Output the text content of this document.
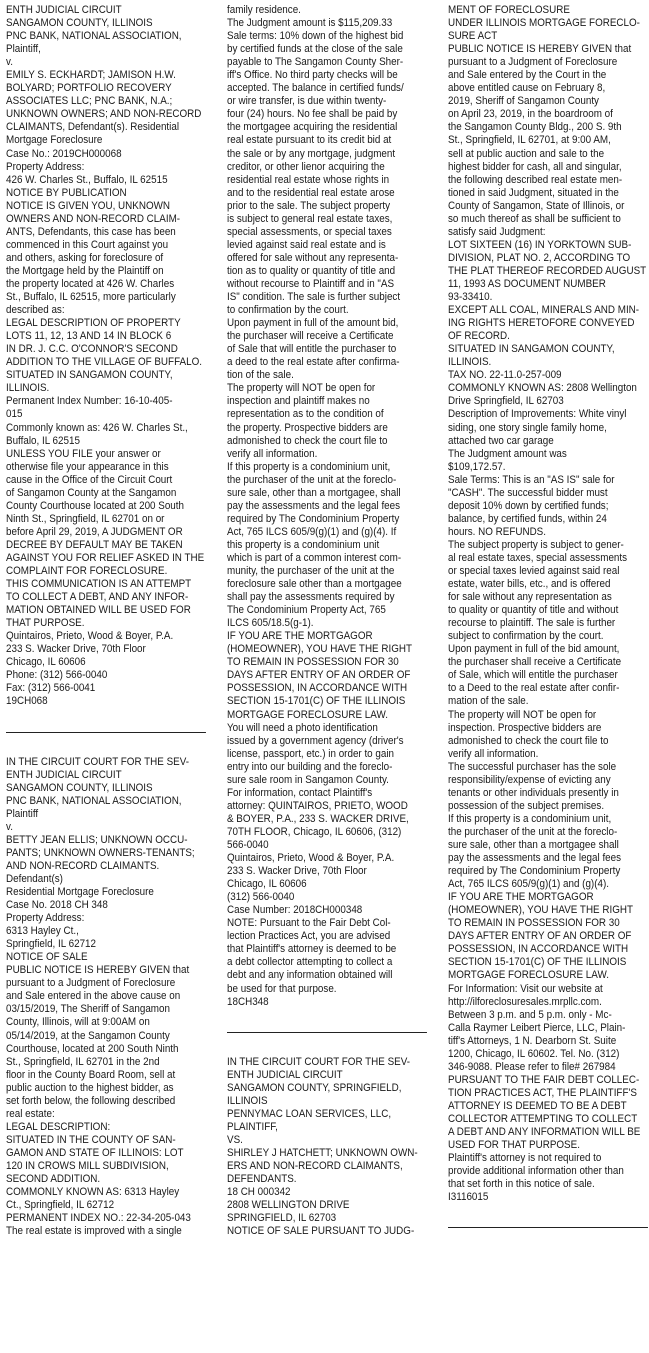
ENTH JUDICIAL CIRCUIT
SANGAMON COUNTY, ILLINOIS
PNC BANK, NATIONAL ASSOCIATION,
Plaintiff,
v.
EMILY S. ECKHARDT; JAMISON H.W.
BOLYARD; PORTFOLIO RECOVERY
ASSOCIATES LLC; PNC BANK, N.A.;
UNKNOWN OWNERS; AND NON-RECORD
CLAIMANTS, Defendant(s). Residential
Mortgage Foreclosure
Case No.: 2019CH000068
Property Address:
426 W. Charles St., Buffalo, IL 62515
NOTICE BY PUBLICATION
NOTICE IS GIVEN YOU, UNKNOWN
OWNERS AND NON-RECORD CLAIM-
ANTS, Defendants, this case has been
commenced in this Court against you
and others, asking for foreclosure of
the Mortgage held by the Plaintiff on
the property located at 426 W. Charles
St., Buffalo, IL 62515, more particularly
described as:
LEGAL DESCRIPTION OF PROPERTY
LOTS 11, 12, 13 AND 14 IN BLOCK 6
IN DR. J. C.C. O'CONNOR'S SECOND
ADDITION TO THE VILLAGE OF BUFFALO.
SITUATED IN SANGAMON COUNTY,
ILLINOIS.
Permanent Index Number: 16-10-405-
015
Commonly known as: 426 W. Charles St.,
Buffalo, IL 62515
UNLESS YOU FILE your answer or
otherwise file your appearance in this
cause in the Office of the Circuit Court
of Sangamon County at the Sangamon
County Courthouse located at 200 South
Ninth St., Springfield, IL 62701 on or
before April 29, 2019, A JUDGMENT OR
DECREE BY DEFAULT MAY BE TAKEN
AGAINST YOU FOR RELIEF ASKED IN THE
COMPLAINT FOR FORECLOSURE.
THIS COMMUNICATION IS AN ATTEMPT
TO COLLECT A DEBT, AND ANY INFOR-
MATION OBTAINED WILL BE USED FOR
THAT PURPOSE.
Quintairos, Prieto, Wood & Boyer, P.A.
233 S. Wacker Drive, 70th Floor
Chicago, IL 60606
Phone: (312) 566-0040
Fax: (312) 566-0041
19CH068
IN THE CIRCUIT COURT FOR THE SEV-
ENTH JUDICIAL CIRCUIT
SANGAMON COUNTY, ILLINOIS
PNC BANK, NATIONAL ASSOCIATION,
Plaintiff
v.
BETTY JEAN ELLIS; UNKNOWN OCCU-
PANTS; UNKNOWN OWNERS-TENANTS;
AND NON-RECORD CLAIMANTS.
Defendant(s)
Residential Mortgage Foreclosure
Case No. 2018 CH 348
Property Address:
6313 Hayley Ct.,
Springfield, IL 62712
NOTICE OF SALE
PUBLIC NOTICE IS HEREBY GIVEN that
pursuant to a Judgment of Foreclosure
and Sale entered in the above cause on
03/15/2019, The Sheriff of Sangamon
County, Illinois, will at 9:00AM on
05/14/2019, at the Sangamon County
Courthouse, located at 200 South Ninth
St., Springfield, IL 62701 in the 2nd
floor in the County Board Room, sell at
public auction to the highest bidder, as
set forth below, the following described
real estate:
LEGAL DESCRIPTION:
SITUATED IN THE COUNTY OF SAN-
GAMON AND STATE OF ILLINOIS: LOT
120 IN CROWS MILL SUBDIVISION,
SECOND ADDITION.
COMMONLY KNOWN AS: 6313 Hayley
Ct., Springfield, IL 62712
PERMANENT INDEX NO.: 22-34-205-043
The real estate is improved with a single
family residence.
The Judgment amount is $115,209.33
Sale terms: 10% down of the highest bid
by certified funds at the close of the sale
payable to The Sangamon County Sher-
iff's Office. No third party checks will be
accepted. The balance in certified funds/
or wire transfer, is due within twenty-
four (24) hours. No fee shall be paid by
the mortgagee acquiring the residential
real estate pursuant to its credit bid at
the sale or by any mortgage, judgment
creditor, or other lienor acquiring the
residential real estate whose rights in
and to the residential real estate arose
prior to the sale. The subject property
is subject to general real estate taxes,
special assessments, or special taxes
levied against said real estate and is
offered for sale without any representa-
tion as to quality or quantity of title and
without recourse to Plaintiff and in "AS
IS" condition. The sale is further subject
to confirmation by the court.
Upon payment in full of the amount bid,
the purchaser will receive a Certificate
of Sale that will entitle the purchaser to
a deed to the real estate after confirma-
tion of the sale.
The property will NOT be open for
inspection and plaintiff makes no
representation as to the condition of
the property. Prospective bidders are
admonished to check the court file to
verify all information.
If this property is a condominium unit,
the purchaser of the unit at the foreclo-
sure sale, other than a mortgagee, shall
pay the assessments and the legal fees
required by The Condominium Property
Act, 765 ILCS 605/9(g)(1) and (g)(4). If
this property is a condominium unit
which is part of a common interest com-
munity, the purchaser of the unit at the
foreclosure sale other than a mortgagee
shall pay the assessments required by
The Condominium Property Act, 765
ILCS 605/18.5(g-1).
IF YOU ARE THE MORTGAGOR
(HOMEOWNER), YOU HAVE THE RIGHT
TO REMAIN IN POSSESSION FOR 30
DAYS AFTER ENTRY OF AN ORDER OF
POSSESSION, IN ACCORDANCE WITH
SECTION 15-1701(C) OF THE ILLINOIS
MORTGAGE FORECLOSURE LAW.
You will need a photo identification
issued by a government agency (driver's
license, passport, etc.) in order to gain
entry into our building and the foreclo-
sure sale room in Sangamon County.
For information, contact Plaintiff's
attorney: QUINTAIROS, PRIETO, WOOD
& BOYER, P.A., 233 S. WACKER DRIVE,
70TH FLOOR, Chicago, IL 60606, (312)
566-0040
Quintairos, Prieto, Wood & Boyer, P.A.
233 S. Wacker Drive, 70th Floor
Chicago, IL 60606
(312) 566-0040
Case Number: 2018CH000348
NOTE: Pursuant to the Fair Debt Col-
lection Practices Act, you are advised
that Plaintiff's attorney is deemed to be
a debt collector attempting to collect a
debt and any information obtained will
be used for that purpose.
18CH348
IN THE CIRCUIT COURT FOR THE SEV-
ENTH JUDICIAL CIRCUIT
SANGAMON COUNTY, SPRINGFIELD,
ILLINOIS
PENNYMAC LOAN SERVICES, LLC,
PLAINTIFF,
VS.
SHIRLEY J HATCHETT; UNKNOWN OWN-
ERS AND NON-RECORD CLAIMANTS,
DEFENDANTS.
18 CH 000342
2808 WELLINGTON DRIVE
SPRINGFIELD, IL 62703
NOTICE OF SALE PURSUANT TO JUDG-
MENT OF FORECLOSURE
UNDER ILLINOIS MORTGAGE FORECLO-
SURE ACT
PUBLIC NOTICE IS HEREBY GIVEN that
pursuant to a Judgment of Foreclosure
and Sale entered by the Court in the
above entitled cause on February 8,
2019, Sheriff of Sangamon County
on April 23, 2019, in the boardroom of
the Sangamon County Bldg., 200 S. 9th
St., Springfield, IL 62701, at 9:00 AM,
sell at public auction and sale to the
highest bidder for cash, all and singular,
the following described real estate men-
tioned in said Judgment, situated in the
County of Sangamon, State of Illinois, or
so much thereof as shall be sufficient to
satisfy said Judgment:
LOT SIXTEEN (16) IN YORKTOWN SUB-
DIVISION, PLAT NO. 2, ACCORDING TO
THE PLAT THEREOF RECORDED AUGUST
11, 1993 AS DOCUMENT NUMBER
93-33410.
EXCEPT ALL COAL, MINERALS AND MIN-
ING RIGHTS HERETOFORE CONVEYED
OF RECORD.
SITUATED IN SANGAMON COUNTY,
ILLINOIS.
TAX NO. 22-11.0-257-009
COMMONLY KNOWN AS: 2808 Wellington
Drive Springfield, IL 62703
Description of Improvements: White vinyl
siding, one story single family home,
attached two car garage
The Judgment amount was
$109,172.57.
Sale Terms: This is an "AS IS" sale for
"CASH". The successful bidder must
deposit 10% down by certified funds;
balance, by certified funds, within 24
hours. NO REFUNDS.
The subject property is subject to gener-
al real estate taxes, special assessments
or special taxes levied against said real
estate, water bills, etc., and is offered
for sale without any representation as
to quality or quantity of title and without
recourse to plaintiff. The sale is further
subject to confirmation by the court.
Upon payment in full of the bid amount,
the purchaser shall receive a Certificate
of Sale, which will entitle the purchaser
to a Deed to the real estate after confir-
mation of the sale.
The property will NOT be open for
inspection. Prospective bidders are
admonished to check the court file to
verify all information.
The successful purchaser has the sole
responsibility/expense of evicting any
tenants or other individuals presently in
possession of the subject premises.
If this property is a condominium unit,
the purchaser of the unit at the foreclo-
sure sale, other than a mortgagee shall
pay the assessments and the legal fees
required by The Condominium Property
Act, 765 ILCS 605/9(g)(1) and (g)(4).
IF YOU ARE THE MORTGAGOR
(HOMEOWNER), YOU HAVE THE RIGHT
TO REMAIN IN POSSESSION FOR 30
DAYS AFTER ENTRY OF AN ORDER OF
POSSESSION, IN ACCORDANCE WITH
SECTION 15-1701(C) OF THE ILLINOIS
MORTGAGE FORECLOSURE LAW.
For Information: Visit our website at
http://ilforeclosuresales.mrpllc.com.
Between 3 p.m. and 5 p.m. only - Mc-
Calla Raymer Leibert Pierce, LLC, Plain-
tiff's Attorneys, 1 N. Dearborn St. Suite
1200, Chicago, IL 60602. Tel. No. (312)
346-9088. Please refer to file# 267984
PURSUANT TO THE FAIR DEBT COLLEC-
TION PRACTICES ACT, THE PLAINTIFF'S
ATTORNEY IS DEEMED TO BE A DEBT
COLLECTOR ATTEMPTING TO COLLECT
A DEBT AND ANY INFORMATION WILL BE
USED FOR THAT PURPOSE.
Plaintiff's attorney is not required to
provide additional information other than
that set forth in this notice of sale.
I3116015
